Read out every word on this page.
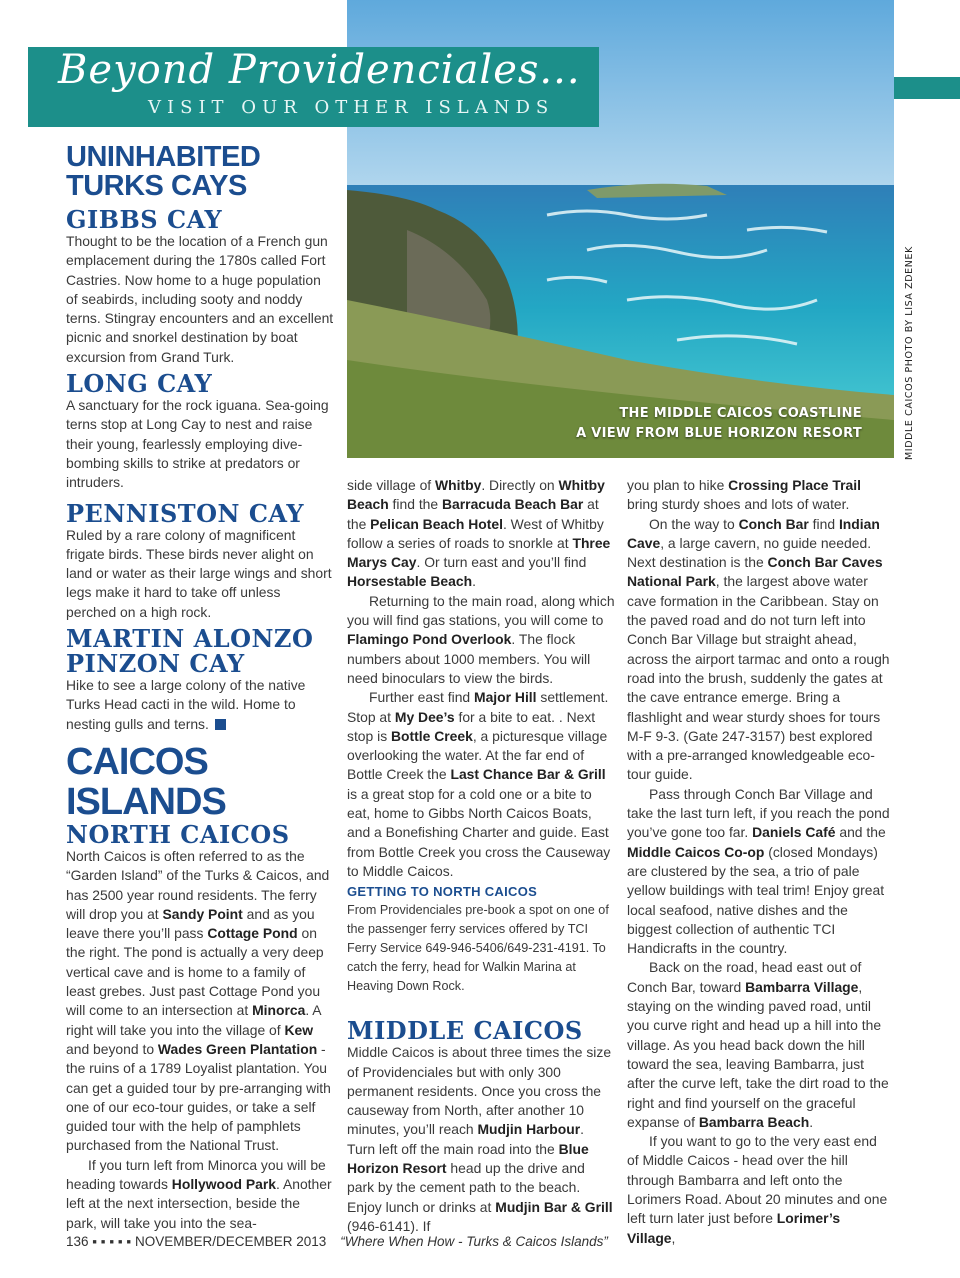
THE MIDDLE CAICOS COASTLINE
A VIEW FROM BLUE HORIZON RESORT	MIDDLE CAICOS PHOTO BY LISA ZDENEK
Beyond Providenciales...
VISIT OUR OTHER ISLANDS
UNINHABITED
TURKS CAYS
GIBBS CAY

Thought to be the location of a French gun emplacement during the 1780s called Fort Castries. Now home to a huge population of seabirds, including sooty and noddy terns. Stingray encounters and an excellent picnic and snorkel destination by boat excursion from Grand Turk.

LONG CAY

A sanctuary for the rock iguana. Sea-going terns stop at Long Cay to nest and raise their young, fearlessly employing dive-bombing skills to strike at predators or intruders.

PENNISTON CAY

Ruled by a rare colony of magnificent frigate birds. These birds never alight on land or water as their large wings and short legs make it hard to take off unless perched on a high rock.

MARTIN ALONZO
PINZON CAY

Hike to see a large colony of the native Turks Head cacti in the wild. Home to nesting gulls and terns.

CAICOS ISLANDS
NORTH CAICOS

North Caicos is often referred to as the “Garden Island” of the Turks & Caicos, and has 2500 year round residents. The ferry will drop you at Sandy Point and as you leave there you’ll pass Cottage Pond on the right. The pond is actually a very deep vertical cave and is home to a family of least grebes. Just past Cottage Pond you will come to an intersection at Minorca. A right will take you into the village of Kew and beyond to Wades Green Plantation - the ruins of a 1789 Loyalist plantation. You can get a guided tour by pre-arranging with one of our eco-tour guides, or take a self guided tour with the help of pamphlets purchased from the National Trust.

If you turn left from Minorca you will be heading towards Hollywood Park. Another left at the next intersection, beside the park, will take you into the sea-

side village of Whitby. Directly on Whitby Beach find the Barracuda Beach Bar at the Pelican Beach Hotel. West of Whitby follow a series of roads to snorkle at Three Marys Cay. Or turn east and you’ll find Horsestable Beach.

Returning to the main road, along which you will find gas stations, you will come to Flamingo Pond Overlook. The flock numbers about 1000 members. You will need binoculars to view the birds.

Further east find Major Hill settlement. Stop at My Dee’s for a bite to eat. . Next stop is Bottle Creek, a picturesque village overlooking the water. At the far end of Bottle Creek the Last Chance Bar & Grill is a great stop for a cold one or a bite to eat, home to Gibbs North Caicos Boats, and a Bonefishing Charter and guide. East from Bottle Creek you cross the Causeway to Middle Caicos.

GETTING TO NORTH CAICOS

From Providenciales pre-book a spot on one of the passenger ferry services offered by TCI Ferry Service 649-946-5406/649-231-4191. To catch the ferry, head for Walkin Marina at Heaving Down Rock.

MIDDLE CAICOS

Middle Caicos is about three times the size of Providenciales but with only 300 permanent residents. Once you cross the causeway from North, after another 10 minutes, you’ll reach Mudjin Harbour. Turn left off the main road into the Blue Horizon Resort head up the drive and park by the cement path to the beach. Enjoy lunch or drinks at Mudjin Bar & Grill (946-6141). If

you plan to hike Crossing Place Trail bring sturdy shoes and lots of water.

On the way to Conch Bar find Indian Cave, a large cavern, no guide needed. Next destination is the Conch Bar Caves National Park, the largest above water cave formation in the Caribbean. Stay on the paved road and do not turn left into Conch Bar Village but straight ahead, across the airport tarmac and onto a rough road into the brush, suddenly the gates at the cave entrance emerge. Bring a flashlight and wear sturdy shoes for tours M-F 9-3. (Gate 247-3157) best explored with a pre-arranged knowledgeable eco-tour guide.

Pass through Conch Bar Village and take the last turn left, if you reach the pond you’ve gone too far. Daniels Café and the Middle Caicos Co-op (closed Mondays) are clustered by the sea, a trio of pale yellow buildings with teal trim! Enjoy great local seafood, native dishes and the biggest collection of authentic TCI Handicrafts in the country.

Back on the road, head east out of Conch Bar, toward Bambarra Village, staying on the winding paved road, until you curve right and head up a hill into the village. As you head back down the hill toward the sea, leaving Bambarra, just after the curve left, take the dirt road to the right and find yourself on the graceful expanse of Bambarra Beach.

If you want to go to the very east end of Middle Caicos - head over the hill through Bambarra and left onto the Lorimers Road. About 20 minutes and one left turn later just before Lorimer’s Village,

136 ▪ ▪ ▪ ▪ ▪ NOVEMBER/DECEMBER 2013 “Where When How - Turks & Caicos Islands”
